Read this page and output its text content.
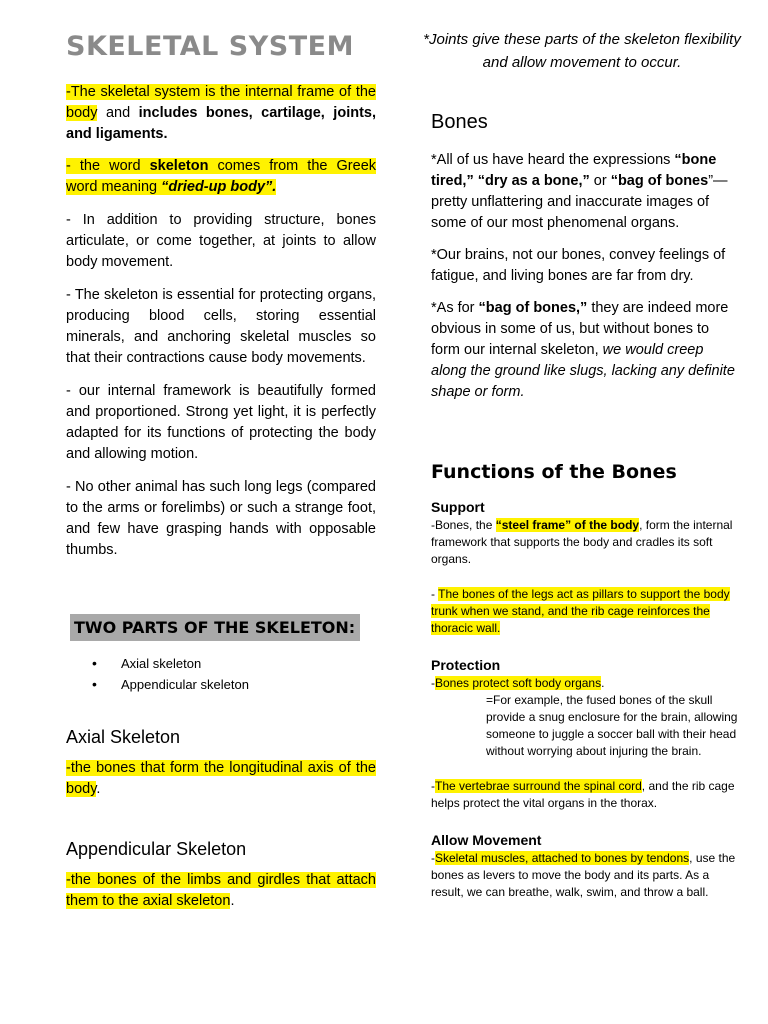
SKELETAL SYSTEM

-The skeletal system is the internal frame of the body and includes bones, cartilage, joints, and ligaments.

- the word skeleton comes from the Greek word meaning “dried-up body”.

- In addition to providing structure, bones articulate, or come together, at joints to allow body movement.

- The skeleton is essential for protecting organs, producing blood cells, storing essential minerals, and anchoring skeletal muscles so that their contractions cause body movements.

- our internal framework is beautifully formed and proportioned. Strong yet light, it is perfectly adapted for its functions of protecting the body and allowing motion.

- No other animal has such long legs (compared to the arms or forelimbs) or such a strange foot, and few have grasping hands with opposable thumbs.

TWO PARTS OF THE SKELETON:
• Axial skeleton
• Appendicular skeleton
Axial Skeleton

-the bones that form the longitudinal axis of the body.

Appendicular Skeleton

-the bones of the limbs and girdles that attach them to the axial skeleton.

*Joints give these parts of the skeleton flexibility and allow movement to occur.

Bones

*All of us have heard the expressions “bone tired,” “dry as a bone,” or “bag of bones”— pretty unflattering and inaccurate images of some of our most phenomenal organs.

*Our brains, not our bones, convey feelings of fatigue, and living bones are far from dry.

*As for “bag of bones,” they are indeed more obvious in some of us, but without bones to form our internal skeleton, we would creep along the ground like slugs, lacking any definite shape or form.

Functions of the Bones
Support

-Bones, the “steel frame” of the body, form the internal framework that supports the body and cradles its soft organs.

- The bones of the legs act as pillars to support the body trunk when we stand, and the rib cage reinforces the thoracic wall.

Protection

-Bones protect soft body organs.

=For example, the fused bones of the skull provide a snug enclosure for the brain, allowing someone to juggle a soccer ball with their head without worrying about injuring the brain.

-The vertebrae surround the spinal cord, and the rib cage helps protect the vital organs in the thorax.

Allow Movement

-Skeletal muscles, attached to bones by tendons, use the bones as levers to move the body and its parts. As a result, we can breathe, walk, swim, and throw a ball.
